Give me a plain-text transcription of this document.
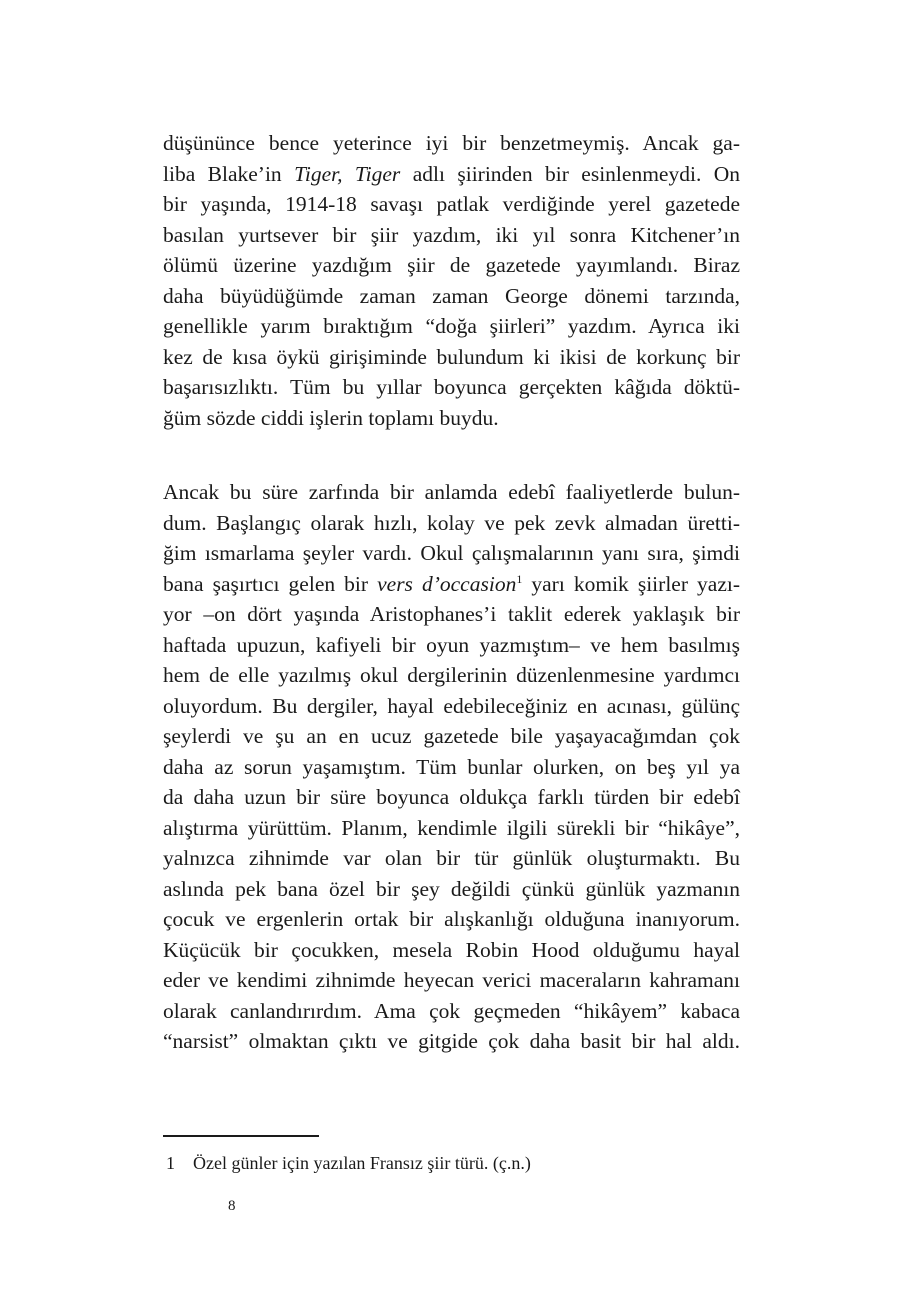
düşününce bence yeterince iyi bir benzetmeymiş. Ancak ga-
liba Blake’in Tiger, Tiger adlı şiirinden bir esinlenmeydi. On
bir yaşında, 1914-18 savaşı patlak verdiğinde yerel gazetede
basılan yurtsever bir şiir yazdım, iki yıl sonra Kitchener’ın
ölümü üzerine yazdığım şiir de gazetede yayımlandı. Biraz
daha büyüdüğümde zaman zaman George dönemi tarzında,
genellikle yarım bıraktığım “doğa şiirleri” yazdım. Ayrıca iki
kez de kısa öykü girişiminde bulundum ki ikisi de korkunç bir
başarısızlıktı. Tüm bu yıllar boyunca gerçekten kâğıda döktü-
ğüm sözde ciddi işlerin toplamı buydu.
Ancak bu süre zarfında bir anlamda edebî faaliyetlerde bulun-
dum. Başlangıç olarak hızlı, kolay ve pek zevk almadan üretti-
ğim ısmarlama şeyler vardı. Okul çalışmalarının yanı sıra, şimdi
bana şaşırtıcı gelen bir vers d’occasion$^1$ yarı komik şiirler yazı-
yor –on dört yaşında Aristophanes’i taklit ederek yaklaşık bir
haftada upuzun, kafiyeli bir oyun yazmıştım– ve hem basılmış
hem de elle yazılmış okul dergilerinin düzenlenmesine yardımcı
oluyordum. Bu dergiler, hayal edebileceğiniz en acınası, gülünç
şeylerdi ve şu an en ucuz gazetede bile yaşayacağımdan çok
daha az sorun yaşamıştım. Tüm bunlar olurken, on beş yıl ya
da daha uzun bir süre boyunca oldukça farklı türden bir edebî
alıştırma yürüttüm. Planım, kendimle ilgili sürekli bir “hikâye”,
yalnızca zihnimde var olan bir tür günlük oluşturmaktı. Bu
aslında pek bana özel bir şey değildi çünkü günlük yazmanın
çocuk ve ergenlerin ortak bir alışkanlığı olduğuna inanıyorum.
Küçücük bir çocukken, mesela Robin Hood olduğumu hayal
eder ve kendimi zihnimde heyecan verici maceraların kahramanı
olarak canlandırırdım. Ama çok geçmeden “hikâyem” kabaca
“narsist” olmaktan çıktı ve gitgide çok daha basit bir hal aldı.
1 Özel günler için yazılan Fransız şiir türü. (ç.n.)
8
